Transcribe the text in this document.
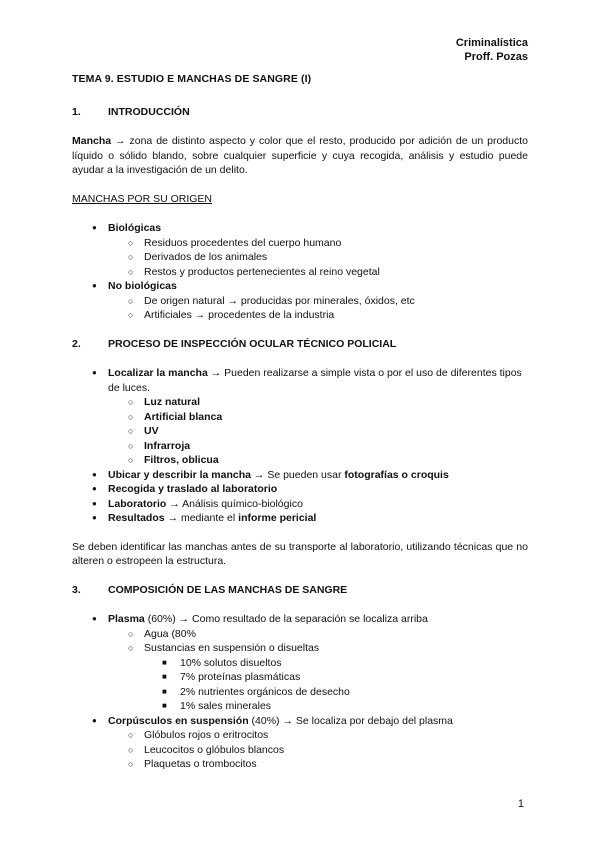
Criminalística
Proff. Pozas
TEMA 9. ESTUDIO E MANCHAS DE SANGRE (I)
1.	INTRODUCCIÓN

Mancha → zona de distinto aspecto y color que el resto, producido por adición de un producto líquido o sólido blando, sobre cualquier superficie y cuya recogida, análisis y estudio puede ayudar a la investigación de un delito.

MANCHAS POR SU ORIGEN
● Biológicas
○ Residuos procedentes del cuerpo humano
○ Derivados de los animales
○ Restos y productos pertenecientes al reino vegetal
● No biológicas
○ De origen natural → producidas por minerales, óxidos, etc
○ Artificiales → procedentes de la industria
2.	PROCESO DE INSPECCIÓN OCULAR TÉCNICO POLICIAL
● Localizar la mancha → Pueden realizarse a simple vista o por el uso de diferentes tipos de luces.
○ Luz natural
○ Artificial blanca
○ UV
○ Infrarroja
○ Filtros, oblicua
● Ubicar y describir la mancha → Se pueden usar fotografías o croquis
● Recogida y traslado al laboratorio
● Laboratorio → Análisis químico-biológico
● Resultados → mediante el informe pericial

Se deben identificar las manchas antes de su transporte al laboratorio, utilizando técnicas que no alteren o estropeen la estructura.

3.	COMPOSICIÓN DE LAS MANCHAS DE SANGRE
● Plasma (60%) → Como resultado de la separación se localiza arriba
○ Agua (80%
○ Sustancias en suspensión o disueltas
■ 10% solutos disueltos
■ 7% proteínas plasmáticas
■ 2% nutrientes orgánicos de desecho
■ 1% sales minerales
● Corpúsculos en suspensión (40%) → Se localiza por debajo del plasma
○ Glóbulos rojos o eritrocitos
○ Leucocitos o glóbulos blancos
○ Plaquetas o trombocitos
1
